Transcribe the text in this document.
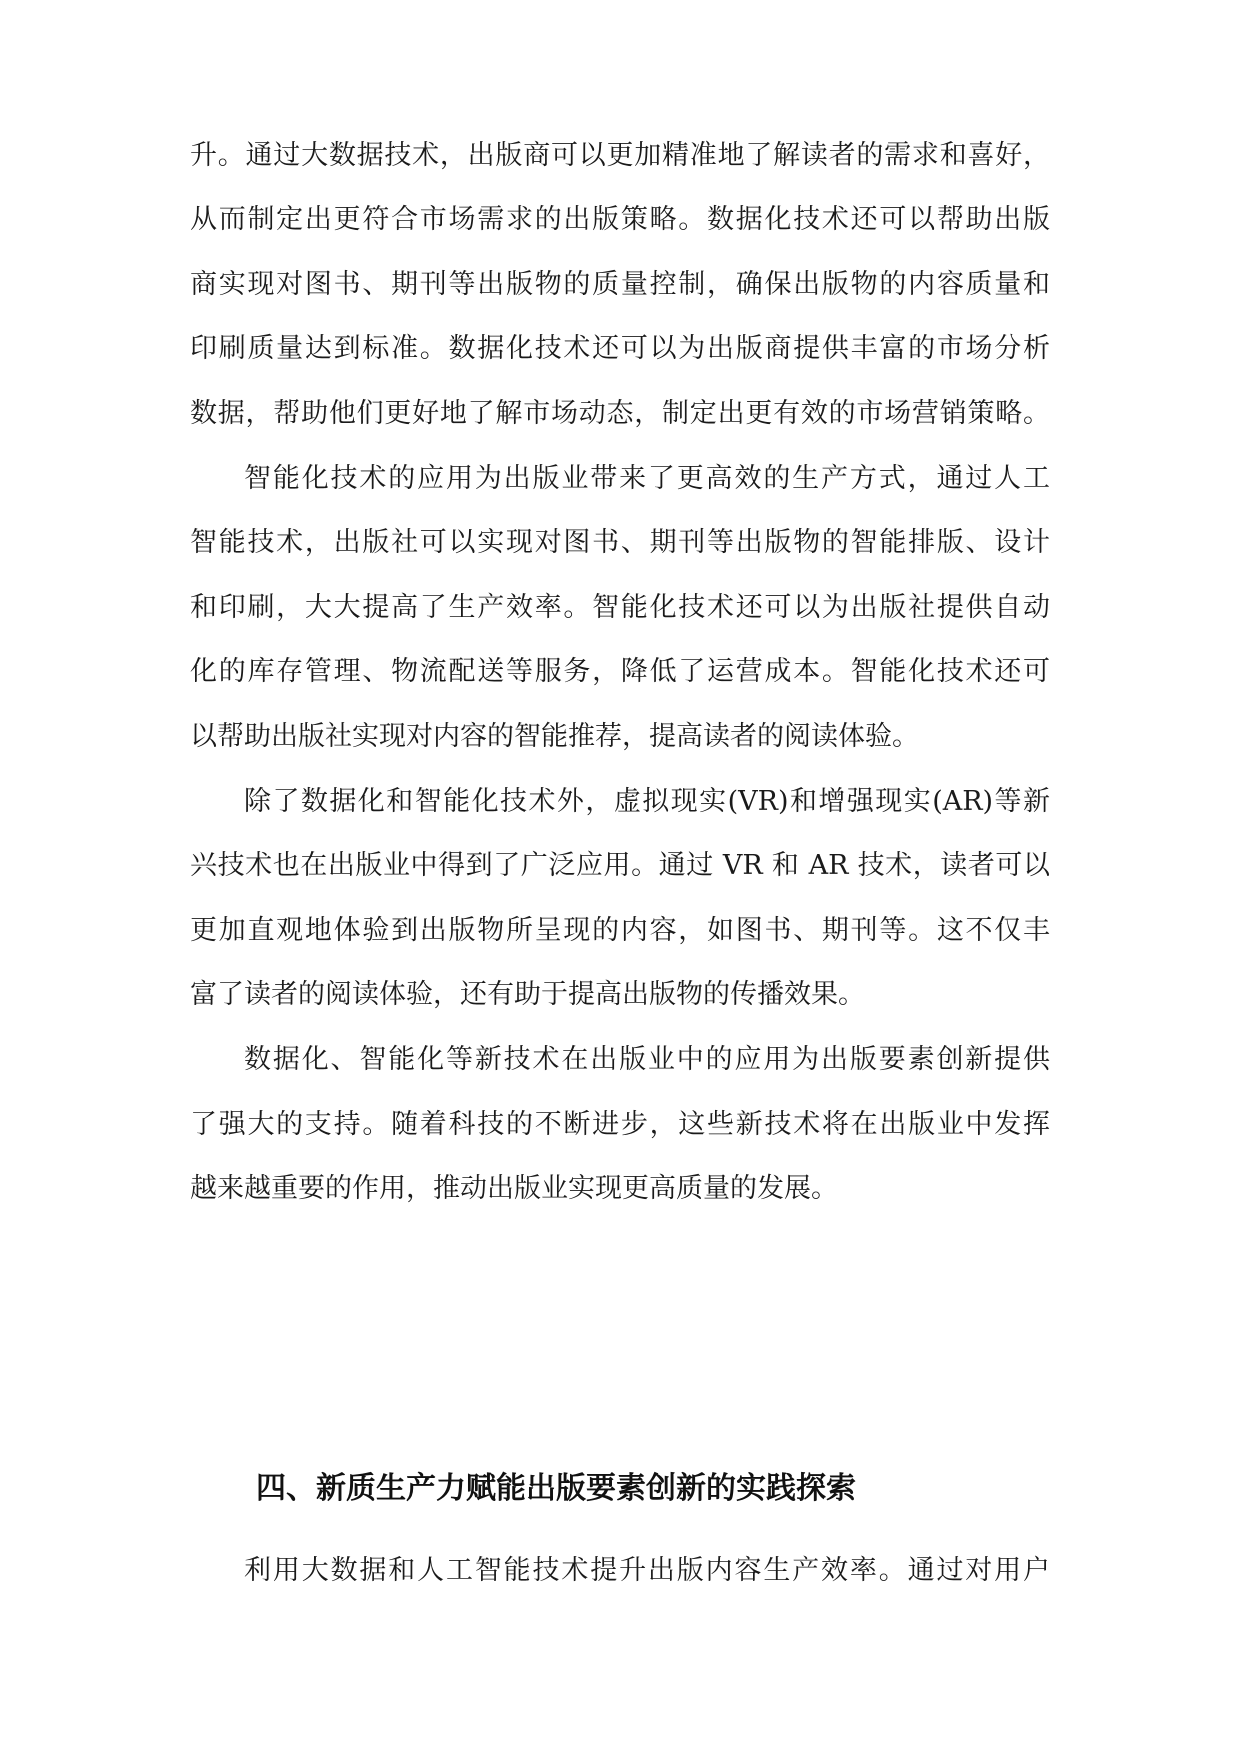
升。通过大数据技术，出版商可以更加精准地了解读者的需求和喜好，

从而制定出更符合市场需求的出版策略。数据化技术还可以帮助出版

商实现对图书、期刊等出版物的质量控制，确保出版物的内容质量和

印刷质量达到标准。数据化技术还可以为出版商提供丰富的市场分析

数据，帮助他们更好地了解市场动态，制定出更有效的市场营销策略。

智能化技术的应用为出版业带来了更高效的生产方式，通过人工

智能技术，出版社可以实现对图书、期刊等出版物的智能排版、设计

和印刷，大大提高了生产效率。智能化技术还可以为出版社提供自动

化的库存管理、物流配送等服务，降低了运营成本。智能化技术还可

以帮助出版社实现对内容的智能推荐，提高读者的阅读体验。

除了数据化和智能化技术外，虚拟现实(VR)和增强现实(AR)等新

兴技术也在出版业中得到了广泛应用。通过 VR 和 AR 技术，读者可以

更加直观地体验到出版物所呈现的内容，如图书、期刊等。这不仅丰

富了读者的阅读体验，还有助于提高出版物的传播效果。

数据化、智能化等新技术在出版业中的应用为出版要素创新提供

了强大的支持。随着科技的不断进步，这些新技术将在出版业中发挥

越来越重要的作用，推动出版业实现更高质量的发展。

四、新质生产力赋能出版要素创新的实践探索

利用大数据和人工智能技术提升出版内容生产效率。通过对用户
